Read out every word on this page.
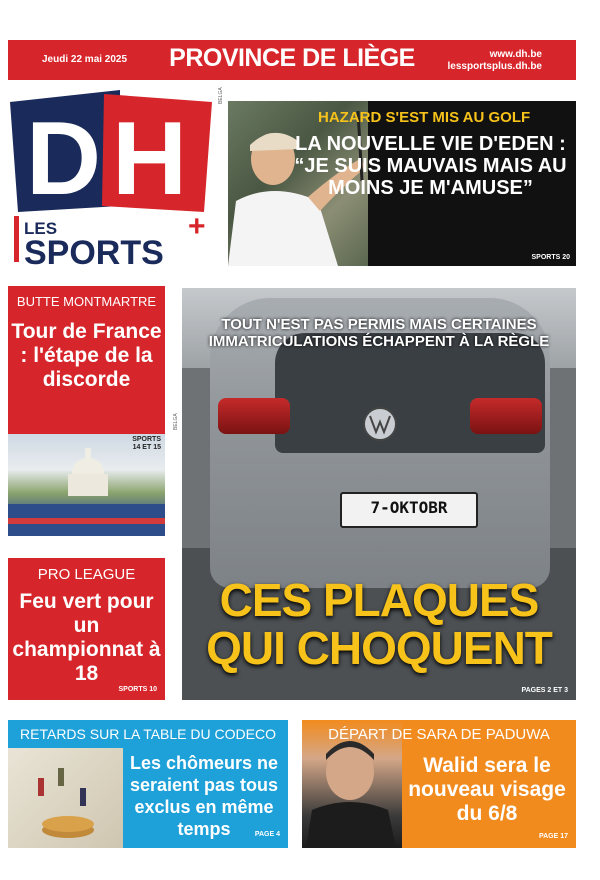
Jeudi 22 mai 2025	PROVINCE DE LIÈGE	www.dh.be
lessportsplus.dh.be
D H
LES
SPORTS
+
BELGA
HAZARD S'EST MIS AU GOLF
LA NOUVELLE VIE D'EDEN : “JE SUIS MAUVAIS MAIS AU MOINS JE M'AMUSE”
SPORTS 20
BUTTE MONTMARTRE
Tour de France : l'étape de la discorde
SPORTS
14 ET 15
PRO LEAGUE
Feu vert pour un championnat à 18
SPORTS 10
BELGA
7-OKTOBR
TOUT N'EST PAS PERMIS MAIS CERTAINES IMMATRICULATIONS ÉCHAPPENT À LA RÈGLE
CES PLAQUES
QUI CHOQUENT
PAGES 2 ET 3
RETARDS SUR LA TABLE DU CODECO
Les chômeurs ne seraient pas tous exclus en même temps	PAGE 4
DÉPART DE SARA DE PADUWA
Walid sera le nouveau visage du 6/8
PAGE 17
